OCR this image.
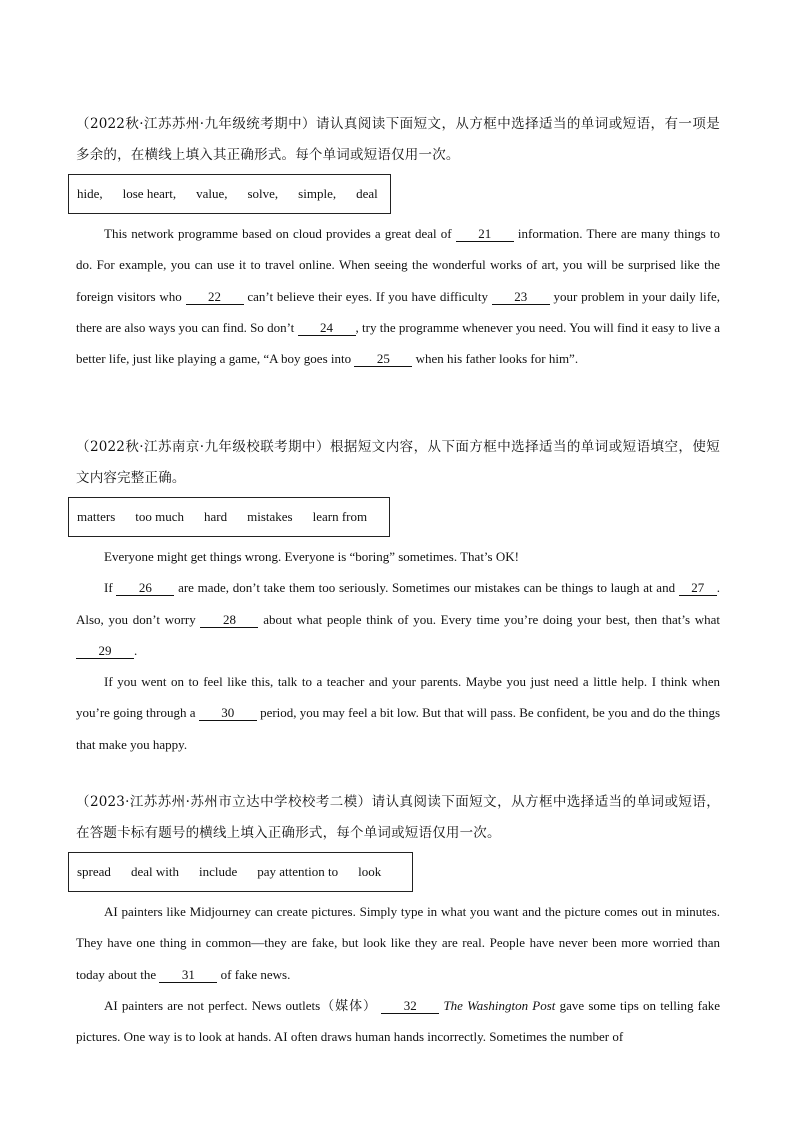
（2022秋·江苏苏州·九年级统考期中）请认真阅读下面短文，从方框中选择适当的单词或短语，有一项是多余的，在横线上填入其正确形式。每个单词或短语仅用一次。
hide, lose heart, value, solve, simple, deal

This network programme based on cloud provides a great deal of 21 information. There are many things to do. For example, you can use it to travel online. When seeing the wonderful works of art, you will be surprised like the foreign visitors who 22 can’t believe their eyes. If you have difficulty 23 your problem in your daily life, there are also ways you can find. So don’t 24 , try the programme whenever you need. You will find it easy to live a better life, just like playing a game, “A boy goes into 25 when his father looks for him”.

（2022秋·江苏南京·九年级校联考期中）根据短文内容，从下面方框中选择适当的单词或短语填空，使短文内容完整正确。
matters too much hard mistakes learn from

Everyone might get things wrong. Everyone is “boring” sometimes. That’s OK!

If 26 are made, don’t take them too seriously. Sometimes our mistakes can be things to laugh at and 27 . Also, you don’t worry 28 about what people think of you. Every time you’re doing your best, then that’s what 29 .

If you went on to feel like this, talk to a teacher and your parents. Maybe you just need a little help. I think when you’re going through a 30 period, you may feel a bit low. But that will pass. Be confident, be you and do the things that make you happy.

（2023·江苏苏州·苏州市立达中学校校考二模）请认真阅读下面短文，从方框中选择适当的单词或短语，在答题卡标有题号的横线上填入正确形式，每个单词或短语仅用一次。
spread deal with include pay attention to look

AI painters like Midjourney can create pictures. Simply type in what you want and the picture comes out in minutes. They have one thing in common—they are fake, but look like they are real. People have never been more worried than today about the 31 of fake news.

AI painters are not perfect. News outlets（媒体） 32 The Washington Post gave some tips on telling fake pictures. One way is to look at hands. AI often draws human hands incorrectly. Sometimes the number of
